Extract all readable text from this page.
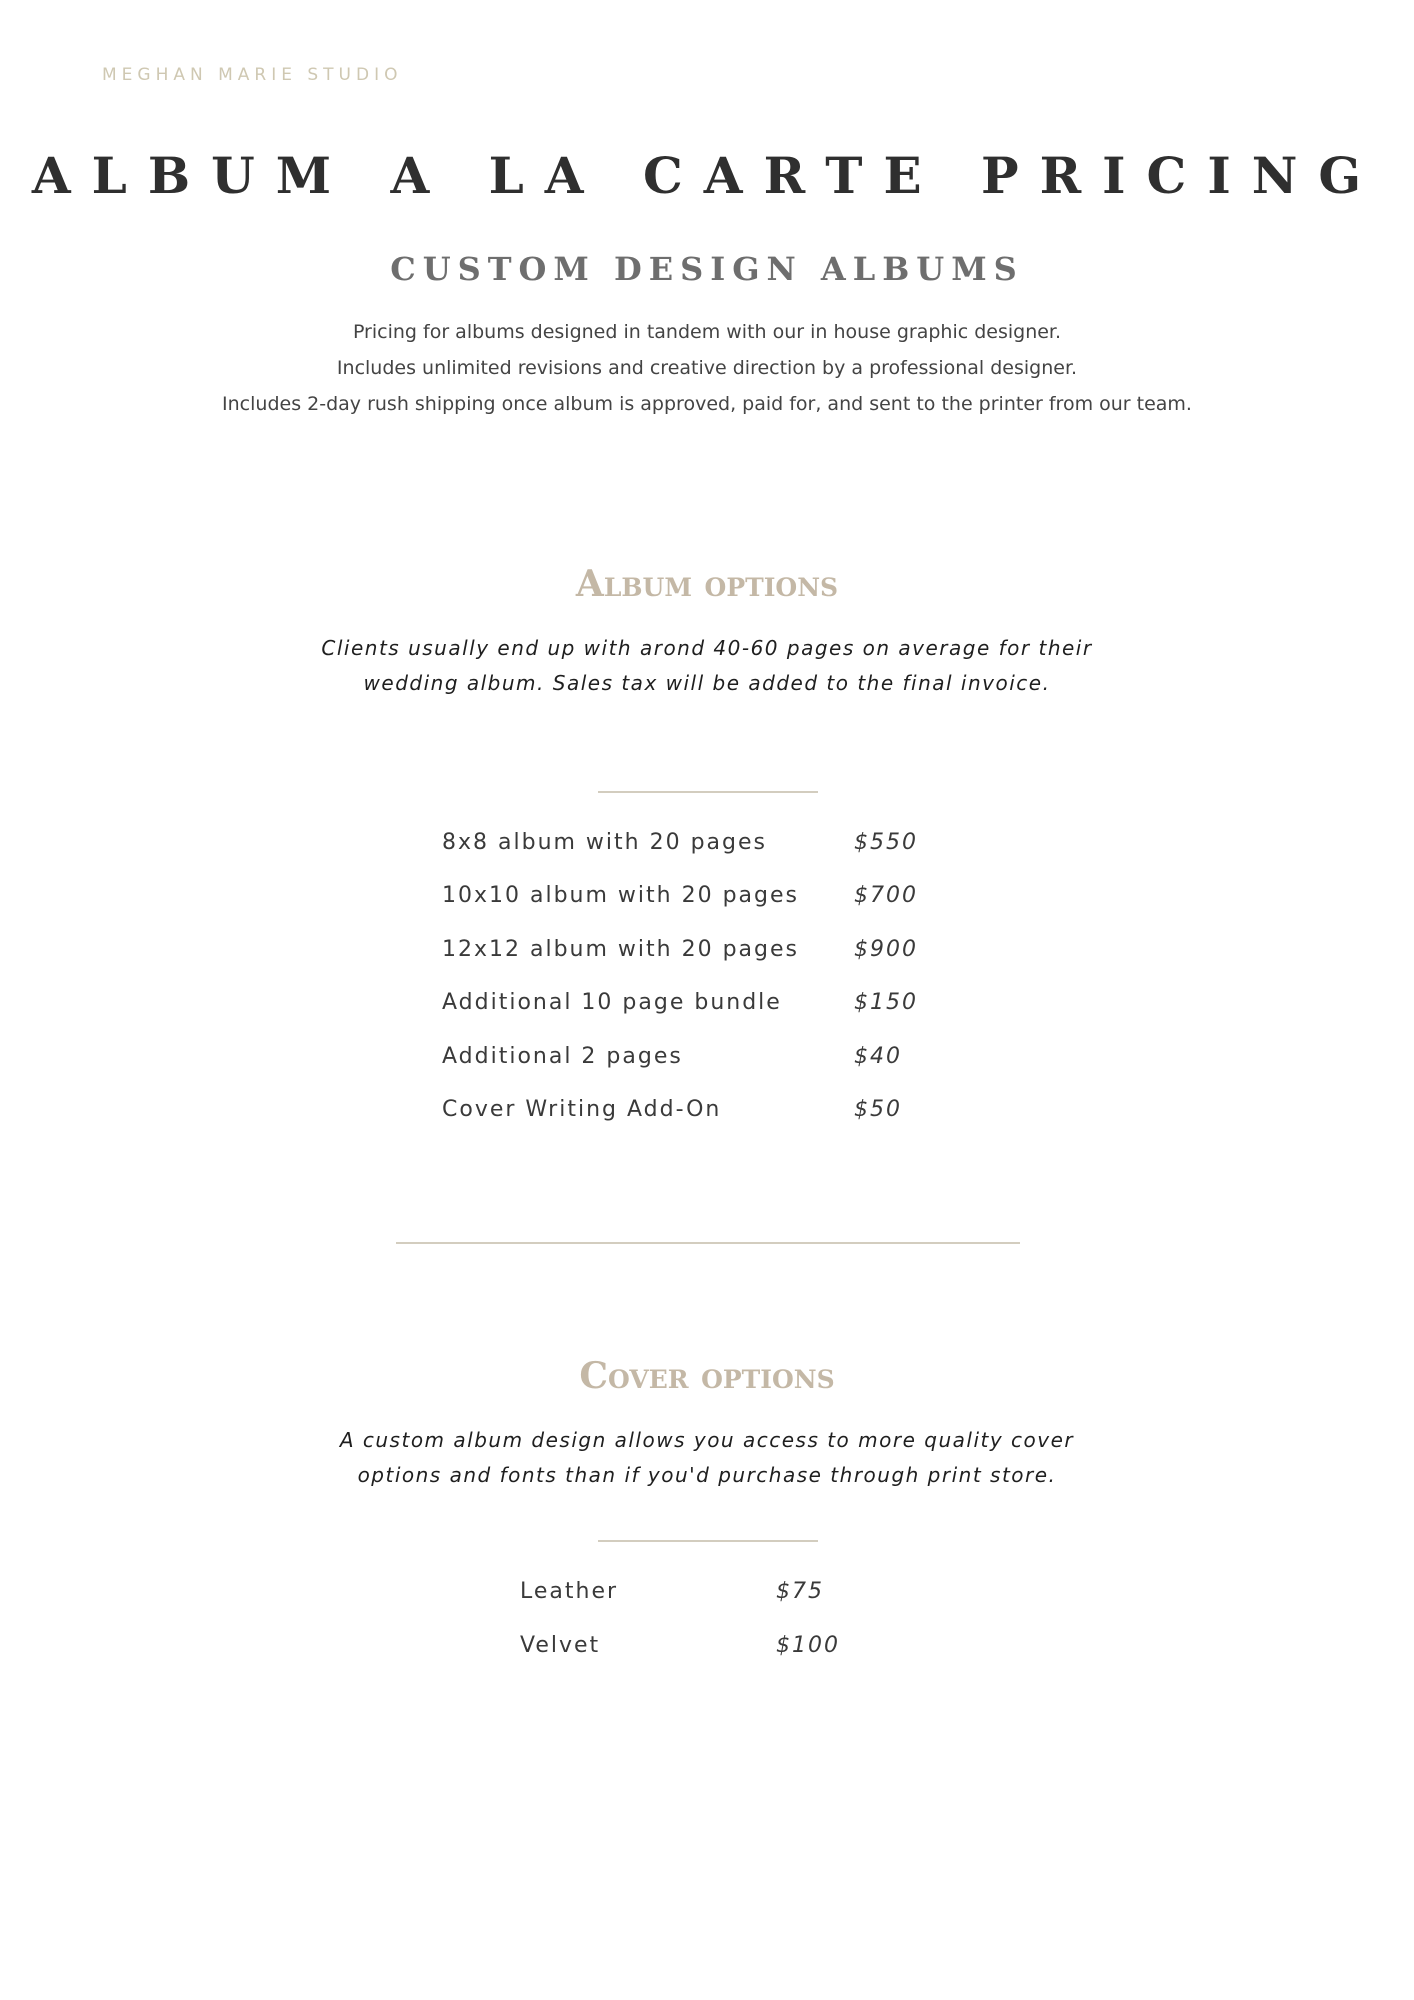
MEGHAN MARIE STUDIO
ALBUM A LA CARTE PRICING
CUSTOM DESIGN ALBUMS
Pricing for albums designed in tandem with our in house graphic designer.
Includes unlimited revisions and creative direction by a professional designer.
Includes 2-day rush shipping once album is approved, paid for, and sent to the printer from our team.
Album options
Clients usually end up with arond 40-60 pages on average for their
wedding album. Sales tax will be added to the final invoice.
8x8 album with 20 pages	$550
10x10 album with 20 pages	$700
12x12 album with 20 pages	$900
Additional 10 page bundle	$150
Additional 2 pages	$40
Cover Writing Add-On	$50
Cover options
A custom album design allows you access to more quality cover
options and fonts than if you'd purchase through print store.
Leather	$75
Velvet	$100
